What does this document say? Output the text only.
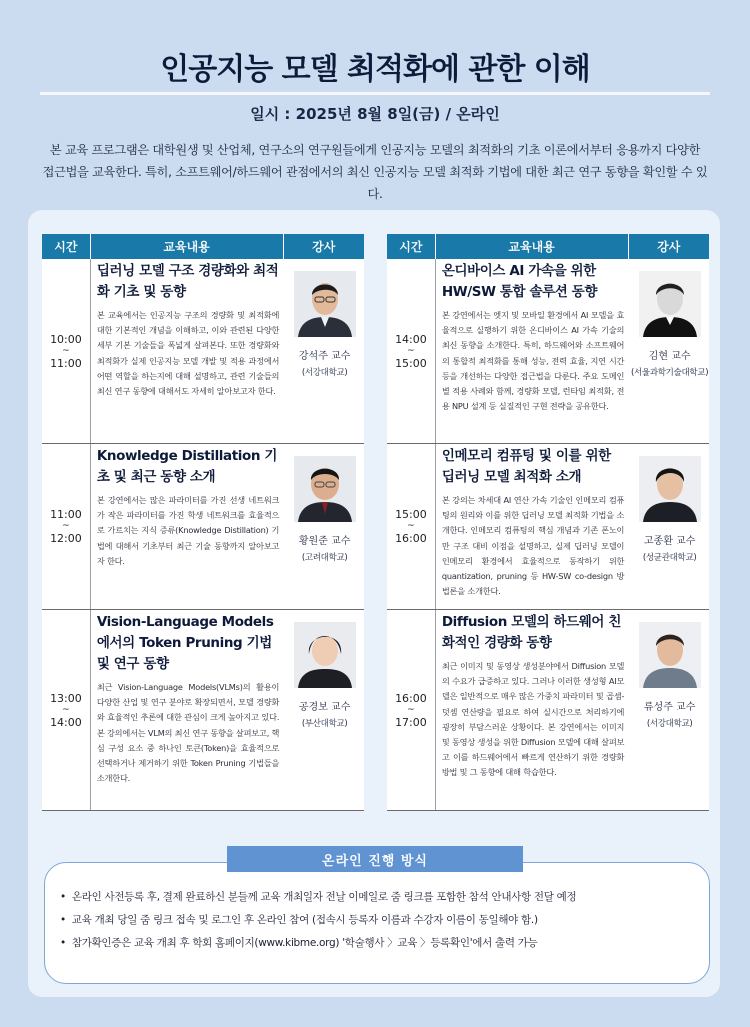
인공지능 모델 최적화에 관한 이해
일시 : 2025년 8월 8일(금) / 온라인
본 교육 프로그램은 대학원생 및 산업체, 연구소의 연구원들에게 인공지능 모델의 최적화의 기초 이론에서부터 응용까지 다양한
접근법을 교육한다. 특히, 소프트웨어/하드웨어 관점에서의 최신 인공지능 모델 최적화 기법에 대한 최근 연구 동향을 확인할 수 있다.
시간	교육내용	강사
10:00
~
11:00
딥러닝 모델 구조 경량화와 최적화 기초 및 동향
본 교육에서는 인공지능 구조의 경량화 및 최적화에 대한 기본적인 개념을 이해하고, 이와 관련된 다양한 세부 기본 기술들을 폭넓게 살펴본다. 또한 경량화와 최적화가 실제 인공지능 모델 개발 및 적용 과정에서 어떤 역할을 하는지에 대해 설명하고, 관련 기술들의 최신 연구 동향에 대해서도 자세히 알아보고자 한다.
강석주 교수
(서강대학교)
11:00
~
12:00
Knowledge Distillation 기초 및 최근 동향 소개
본 강연에서는 많은 파라미터를 가진 선생 네트워크가 작은 파라미터를 가진 학생 네트워크를 효율적으로 가르치는 지식 증류(Knowledge Distillation) 기법에 대해서 기초부터 최근 기술 동향까지 알아보고자 한다.
황원준 교수
(고려대학교)
13:00
~
14:00
Vision-Language Models 에서의 Token Pruning 기법 및 연구 동향
최근 Vision-Language Models(VLMs)의 활용이 다양한 산업 및 연구 분야로 확장되면서, 모델 경량화와 효율적인 추론에 대한 관심이 크게 높아지고 있다. 본 강의에서는 VLM의 최신 연구 동향을 살펴보고, 핵심 구성 요소 중 하나인 토큰(Token)을 효율적으로 선택하거나 제거하기 위한 Token Pruning 기법들을 소개한다.
공경보 교수
(부산대학교)
시간	교육내용	강사
14:00
~
15:00
온디바이스 AI 가속을 위한 HW/SW 통합 솔루션 동향
본 강연에서는 엣지 및 모바일 환경에서 AI 모델을 효율적으로 실행하기 위한 온디바이스 AI 가속 기술의 최신 동향을 소개한다. 특히, 하드웨어와 소프트웨어의 통합적 최적화를 통해 성능, 전력 효율, 지연 시간 등을 개선하는 다양한 접근법을 다룬다. 주요 도메인별 적용 사례와 함께, 경량화 모델, 런타임 최적화, 전용 NPU 설계 등 실질적인 구현 전략을 공유한다.
김현 교수
(서울과학기술대학교)
15:00
~
16:00
인메모리 컴퓨팅 및 이를 위한 딥러닝 모델 최적화 소개
본 강의는 차세대 AI 연산 가속 기술인 인메모리 컴퓨팅의 원리와 이를 위한 딥러닝 모델 최적화 기법을 소개한다. 인메모리 컴퓨팅의 핵심 개념과 기존 폰노이만 구조 대비 이점을 설명하고, 실제 딥러닝 모델이 인메모리 환경에서 효율적으로 동작하기 위한 quantization, pruning 등 HW-SW co-design 방법론을 소개한다.
고종환 교수
(성균관대학교)
16:00
~
17:00
Diffusion 모델의 하드웨어 친화적인 경량화 동향
최근 이미지 및 동영상 생성분야에서 Diffusion 모델의 수요가 급증하고 있다. 그러나 이러한 생성형 AI모델은 일반적으로 매우 많은 가중치 파라미터 및 곱셈-덧셈 연산량을 필요로 하여 실시간으로 처리하기에 굉장히 부담스러운 상황이다. 본 강연에서는 이미지 및 동영상 생성을 위한 Diffusion 모델에 대해 살펴보고 이를 하드웨어에서 빠르게 연산하기 위한 경량화 방법 및 그 동향에 대해 학습한다.
류성주 교수
(서강대학교)
온라인 진행 방식
• 온라인 사전등록 후, 결제 완료하신 분들께 교육 개최일자 전날 이메일로 줌 링크를 포함한 참석 안내사항 전달 예정
• 교육 개최 당일 줌 링크 접속 및 로그인 후 온라인 참여 (접속시 등록자 이름과 수강자 이름이 동일해야 함.)
• 참가확인증은 교육 개최 후 학회 홈페이지(www.kibme.org) '학술행사 〉교육 〉등록확인'에서 출력 가능
